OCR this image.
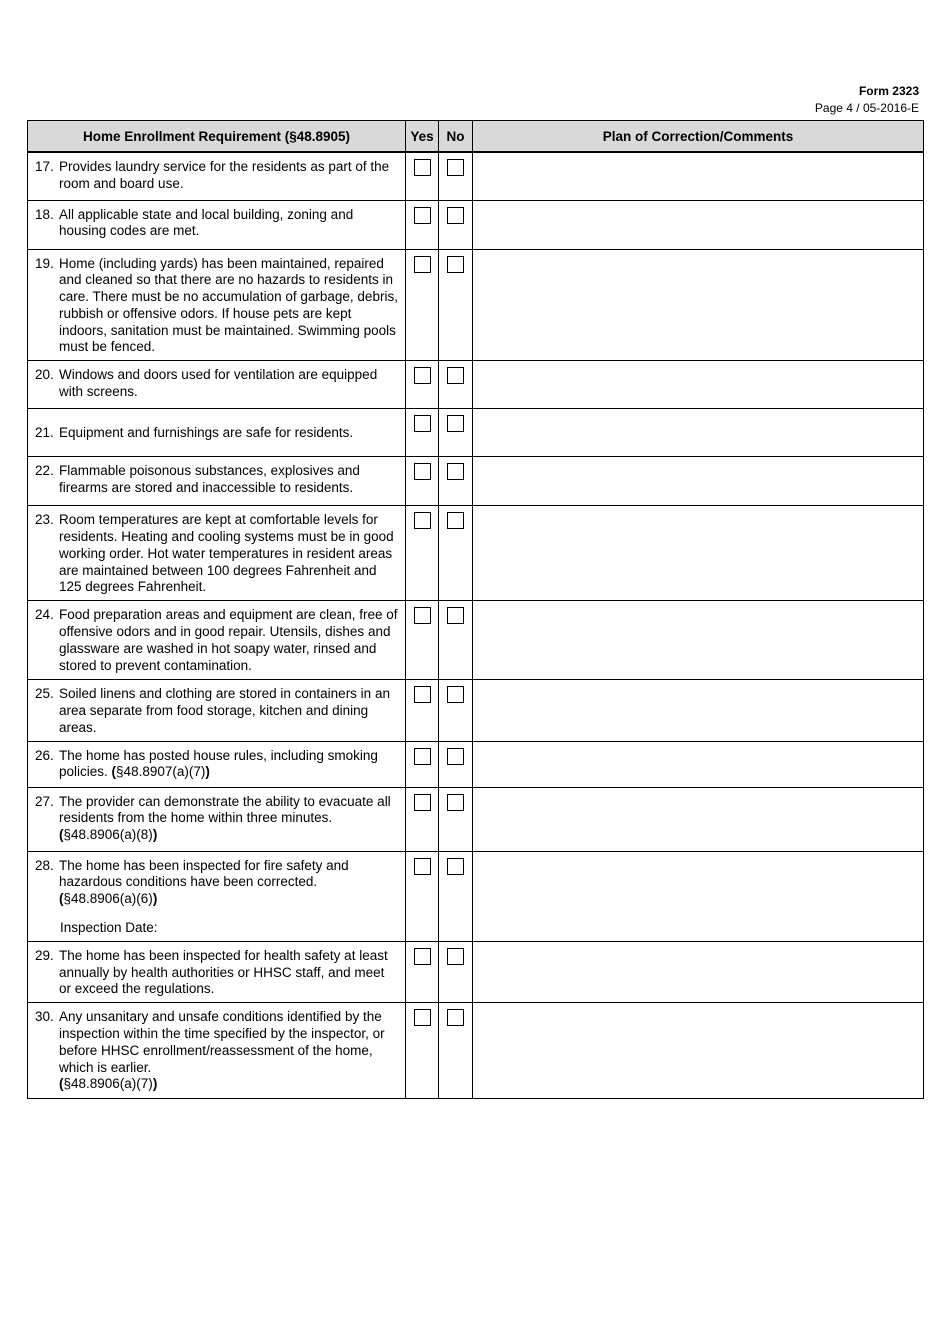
Form 2323
Page 4 / 05-2016-E
Home Enrollment Requirement (§48.8905)	Yes	No	Plan of Correction/Comments

17. Provides laundry service for the residents as part of the room and board use.			

18. All applicable state and local building, zoning and housing codes are met.			

19. Home (including yards) has been maintained, repaired and cleaned so that there are no hazards to residents in care. There must be no accumulation of garbage, debris, rubbish or offensive odors. If house pets are kept indoors, sanitation must be maintained. Swimming pools must be fenced.			

20. Windows and doors used for ventilation are equipped with screens.			

21. Equipment and furnishings are safe for residents.			

22. Flammable poisonous substances, explosives and firearms are stored and inaccessible to residents.			

23. Room temperatures are kept at comfortable levels for residents. Heating and cooling systems must be in good working order. Hot water temperatures in resident areas are maintained between 100 degrees Fahrenheit and 125 degrees Fahrenheit.			

24. Food preparation areas and equipment are clean, free of offensive odors and in good repair. Utensils, dishes and glassware are washed in hot soapy water, rinsed and stored to prevent contamination.			

25. Soiled linens and clothing are stored in containers in an area separate from food storage, kitchen and dining areas.			

26. The home has posted house rules, including smoking policies. (§48.8907(a)(7))			

27. The provider can demonstrate the ability to evacuate all residents from the home within three minutes.
(§48.8906(a)(8))			

28. The home has been inspected for fire safety and hazardous conditions have been corrected.
(§48.8906(a)(6))
Inspection Date:			

29. The home has been inspected for health safety at least annually by health authorities or HHSC staff, and meet or exceed the regulations.			

30. Any unsanitary and unsafe conditions identified by the inspection within the time specified by the inspector, or before HHSC enrollment/reassessment of the home, which is earlier.
(§48.8906(a)(7))			
